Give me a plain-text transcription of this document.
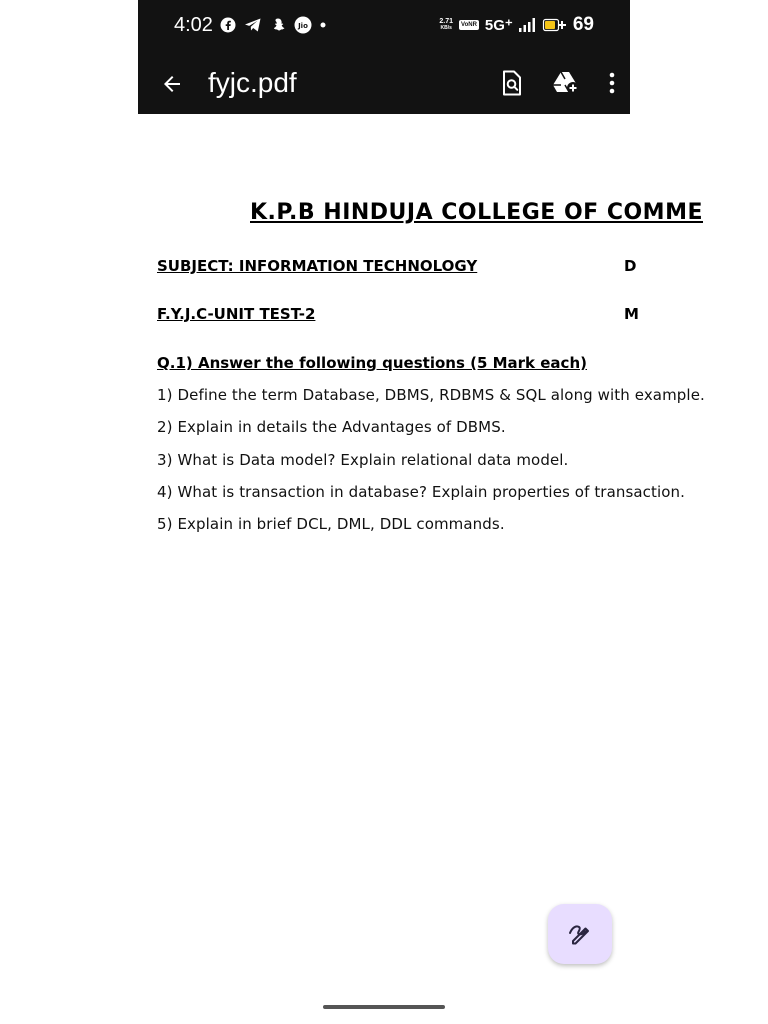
4:02	Jio
2.71
KB/s	VoNR 5G⁺	69
fyjc.pdf
K.P.B HINDUJA COLLEGE OF COMME
SUBJECT: INFORMATION TECHNOLOGY	D
F.Y.J.C-UNIT TEST-2	M
Q.1) Answer the following questions (5 Mark each)
1) Define the term Database, DBMS, RDBMS & SQL along with example.
2) Explain in details the Advantages of DBMS.
3) What is Data model? Explain relational data model.
4) What is transaction in database? Explain properties of transaction.
5) Explain in brief DCL, DML, DDL commands.
